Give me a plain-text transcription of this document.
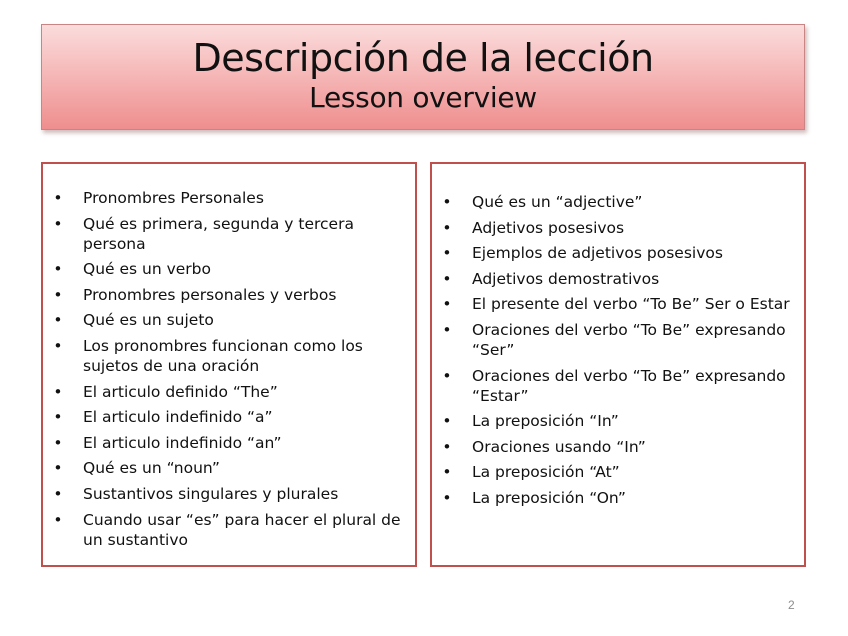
Descripción de la lección
Lesson overview
• Pronombres Personales
• Qué es primera, segunda y tercera persona
• Qué es un verbo
• Pronombres personales y verbos
• Qué es un sujeto
• Los pronombres funcionan como los sujetos de una oración
• El articulo definido “The”
• El articulo indefinido “a”
• El articulo indefinido “an”
• Qué es un “noun”
• Sustantivos singulares y plurales
• Cuando usar “es” para hacer el plural de un sustantivo
• Qué es un “adjective”
• Adjetivos posesivos
• Ejemplos de adjetivos posesivos
• Adjetivos demostrativos
• El presente del verbo “To Be” Ser o Estar
• Oraciones del verbo “To Be” expresando “Ser”
• Oraciones del verbo “To Be” expresando “Estar”
• La preposición “In”
• Oraciones usando “In”
• La preposición “At”
• La preposición “On”
2
